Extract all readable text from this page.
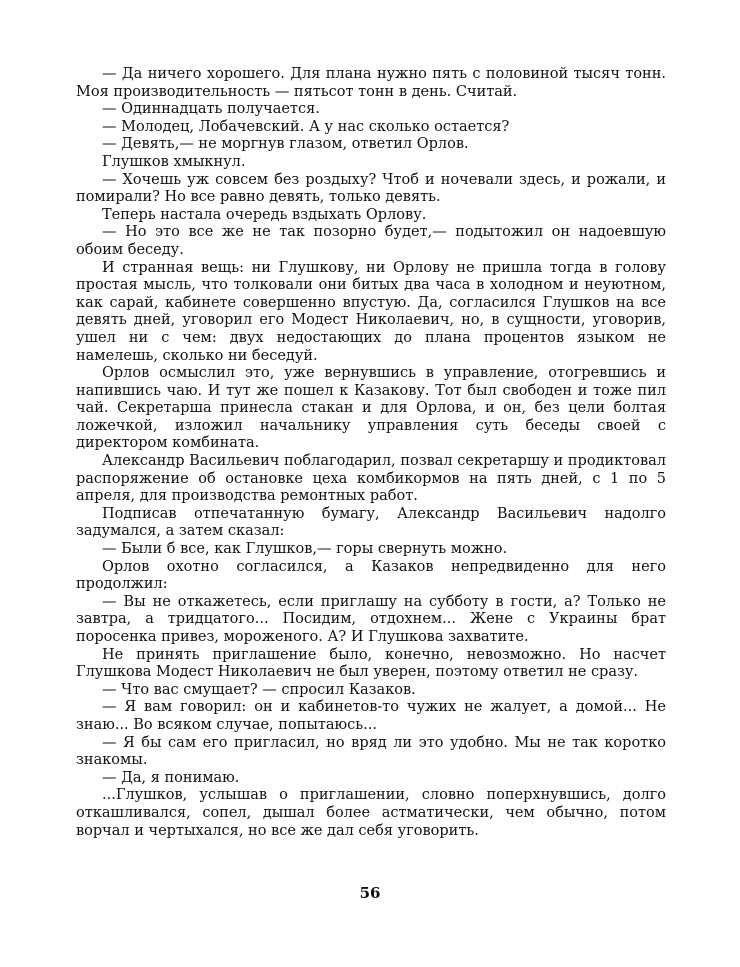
— Да ничего хорошего. Для плана нужно пять с половиной тысяч тонн. Моя производительность — пятьсот тонн в день. Считай.

— Одиннадцать получается.

— Молодец, Лобачевский. А у нас сколько остается?

— Девять,— не моргнув глазом, ответил Орлов.

Глушков хмыкнул.

— Хочешь уж совсем без роздыху? Чтоб и ночевали здесь, и рожали, и помирали? Но все равно девять, только девять.

Теперь настала очередь вздыхать Орлову.

— Но это все же не так позорно будет,— подытожил он надоевшую обоим беседу.

И странная вещь: ни Глушкову, ни Орлову не пришла тогда в голову простая мысль, что толковали они битых два часа в холодном и неуютном, как сарай, кабинете совершенно впустую. Да, согласился Глушков на все девять дней, уговорил его Модест Николаевич, но, в сущности, уговорив, ушел ни с чем: двух недостающих до плана процентов языком не намелешь, сколько ни беседуй.

Орлов осмыслил это, уже вернувшись в управление, отогревшись и напившись чаю. И тут же пошел к Казакову. Тот был свободен и тоже пил чай. Секретарша принесла стакан и для Орлова, и он, без цели болтая ложечкой, изложил начальнику управления суть беседы своей с директором комбината.

Александр Васильевич поблагодарил, позвал секретаршу и продиктовал распоряжение об остановке цеха комбикормов на пять дней, с 1 по 5 апреля, для производства ремонтных работ.

Подписав отпечатанную бумагу, Александр Васильевич надолго задумался, а затем сказал:

— Были б все, как Глушков,— горы свернуть можно.

Орлов охотно согласился, а Казаков непредвиденно для него продолжил:

— Вы не откажетесь, если приглашу на субботу в гости, а? Только не завтра, а тридцатого... Посидим, отдохнем... Жене с Украины брат поросенка привез, мороженого. А? И Глушкова захватите.

Не принять приглашение было, конечно, невозможно. Но насчет Глушкова Модест Николаевич не был уверен, поэтому ответил не сразу.

— Что вас смущает? — спросил Казаков.

— Я вам говорил: он и кабинетов-то чужих не жалует, а домой... Не знаю... Во всяком случае, попытаюсь...

— Я бы сам его пригласил, но вряд ли это удобно. Мы не так коротко знакомы.

— Да, я понимаю.

...Глушков, услышав о приглашении, словно поперхнувшись, долго откашливался, сопел, дышал более астматически, чем обычно, потом ворчал и чертыхался, но все же дал себя уговорить.

56
